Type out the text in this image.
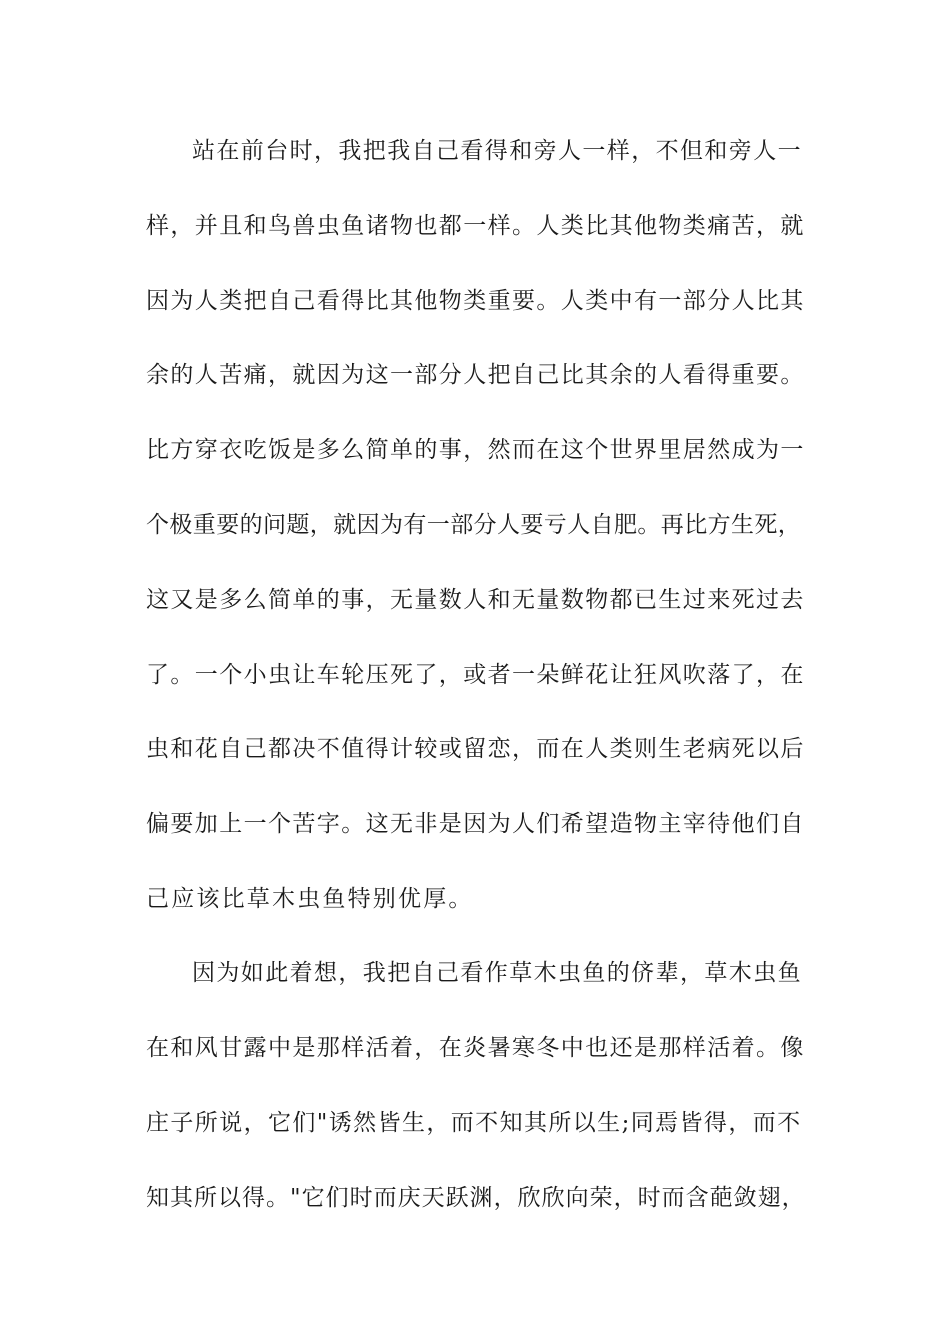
站在前台时，我把我自己看得和旁人一样，不但和旁人一
样，并且和鸟兽虫鱼诸物也都一样。人类比其他物类痛苦，就
因为人类把自己看得比其他物类重要。人类中有一部分人比其
余的人苦痛，就因为这一部分人把自己比其余的人看得重要。
比方穿衣吃饭是多么简单的事，然而在这个世界里居然成为一
个极重要的问题，就因为有一部分人要亏人自肥。再比方生死，
这又是多么简单的事，无量数人和无量数物都已生过来死过去
了。一个小虫让车轮压死了，或者一朵鲜花让狂风吹落了，在
虫和花自己都决不值得计较或留恋，而在人类则生老病死以后
偏要加上一个苦字。这无非是因为人们希望造物主宰待他们自
己应该比草木虫鱼特别优厚。
因为如此着想，我把自己看作草木虫鱼的侪辈，草木虫鱼
在和风甘露中是那样活着，在炎暑寒冬中也还是那样活着。像
庄子所说，它们"诱然皆生，而不知其所以生;同焉皆得，而不
知其所以得。"它们时而庆天跃渊，欣欣向荣，时而含葩敛翅，
